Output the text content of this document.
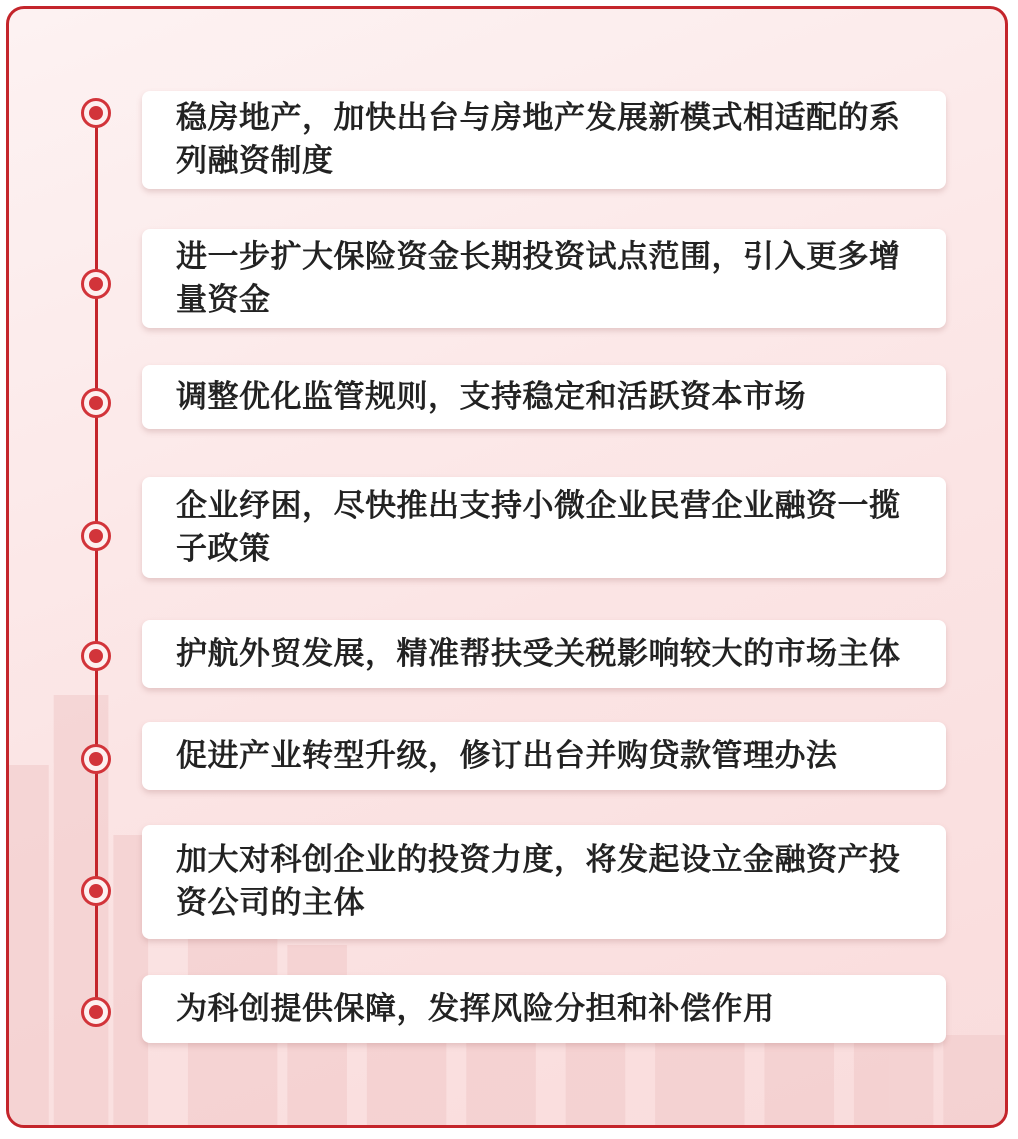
稳房地产，加快出台与房地产发展新模式相适配的系列融资制度
进一步扩大保险资金长期投资试点范围，引入更多增量资金
调整优化监管规则，支持稳定和活跃资本市场
企业纾困，尽快推出支持小微企业民营企业融资一揽子政策
护航外贸发展，精准帮扶受关税影响较大的市场主体
促进产业转型升级，修订出台并购贷款管理办法
加大对科创企业的投资力度，将发起设立金融资产投资公司的主体
为科创提供保障，发挥风险分担和补偿作用
